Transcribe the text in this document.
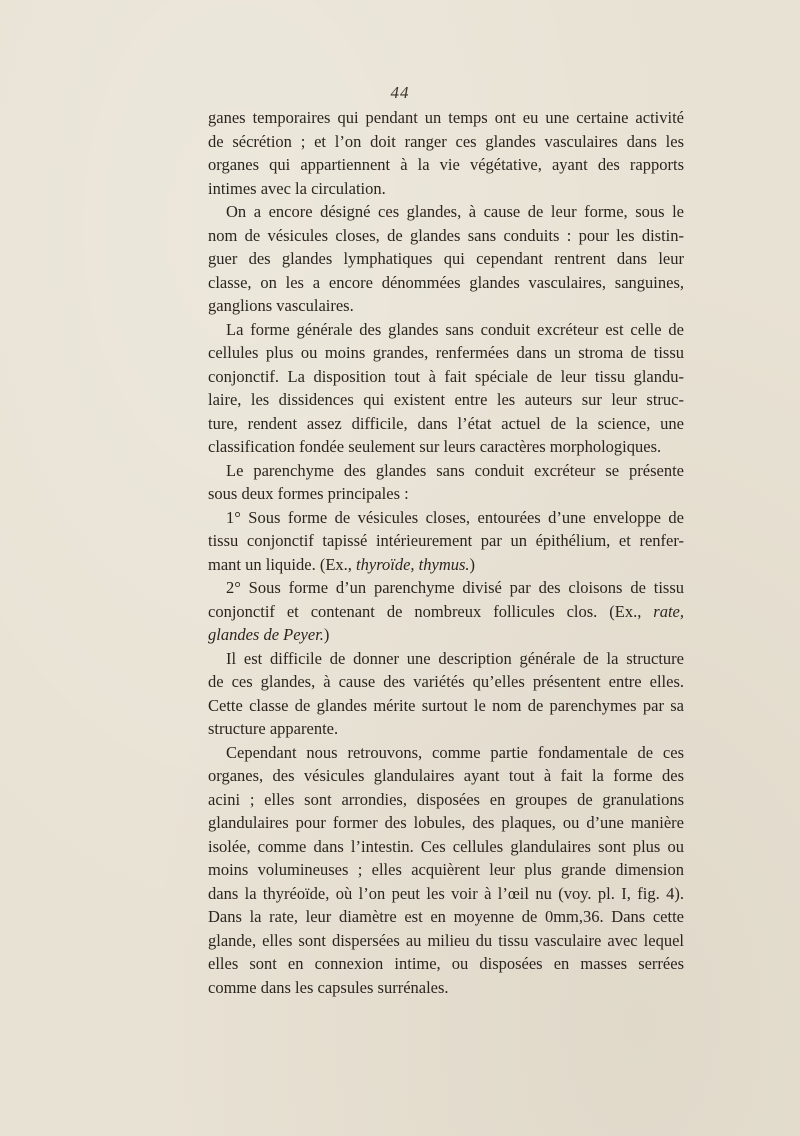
44
ganes temporaires qui pendant un temps ont eu une certaine activité
de sécrétion ; et l’on doit ranger ces glandes vasculaires dans les
organes qui appartiennent à la vie végétative, ayant des rapports
intimes avec la circulation.
On a encore désigné ces glandes, à cause de leur forme, sous le
nom de vésicules closes, de glandes sans conduits : pour les distin-
guer des glandes lymphatiques qui cependant rentrent dans leur
classe, on les a encore dénommées glandes vasculaires, sanguines,
ganglions vasculaires.
La forme générale des glandes sans conduit excréteur est celle de
cellules plus ou moins grandes, renfermées dans un stroma de tissu
conjonctif. La disposition tout à fait spéciale de leur tissu glandu-
laire, les dissidences qui existent entre les auteurs sur leur struc-
ture, rendent assez difficile, dans l’état actuel de la science, une
classification fondée seulement sur leurs caractères morphologiques.
Le parenchyme des glandes sans conduit excréteur se présente
sous deux formes principales :
1° Sous forme de vésicules closes, entourées d’une enveloppe de
tissu conjonctif tapissé intérieurement par un épithélium, et renfer-
mant un liquide. (Ex., thyroïde, thymus.)
2° Sous forme d’un parenchyme divisé par des cloisons de tissu
conjonctif et contenant de nombreux follicules clos. (Ex., rate,
glandes de Peyer.)
Il est difficile de donner une description générale de la structure
de ces glandes, à cause des variétés qu’elles présentent entre elles.
Cette classe de glandes mérite surtout le nom de parenchymes par sa
structure apparente.
Cependant nous retrouvons, comme partie fondamentale de ces
organes, des vésicules glandulaires ayant tout à fait la forme des
acini ; elles sont arrondies, disposées en groupes de granulations
glandulaires pour former des lobules, des plaques, ou d’une manière
isolée, comme dans l’intestin. Ces cellules glandulaires sont plus ou
moins volumineuses ; elles acquièrent leur plus grande dimension
dans la thyréoïde, où l’on peut les voir à l’œil nu (voy. pl. I, fig. 4).
Dans la rate, leur diamètre est en moyenne de 0mm,36. Dans cette
glande, elles sont dispersées au milieu du tissu vasculaire avec lequel
elles sont en connexion intime, ou disposées en masses serrées
comme dans les capsules surrénales.
